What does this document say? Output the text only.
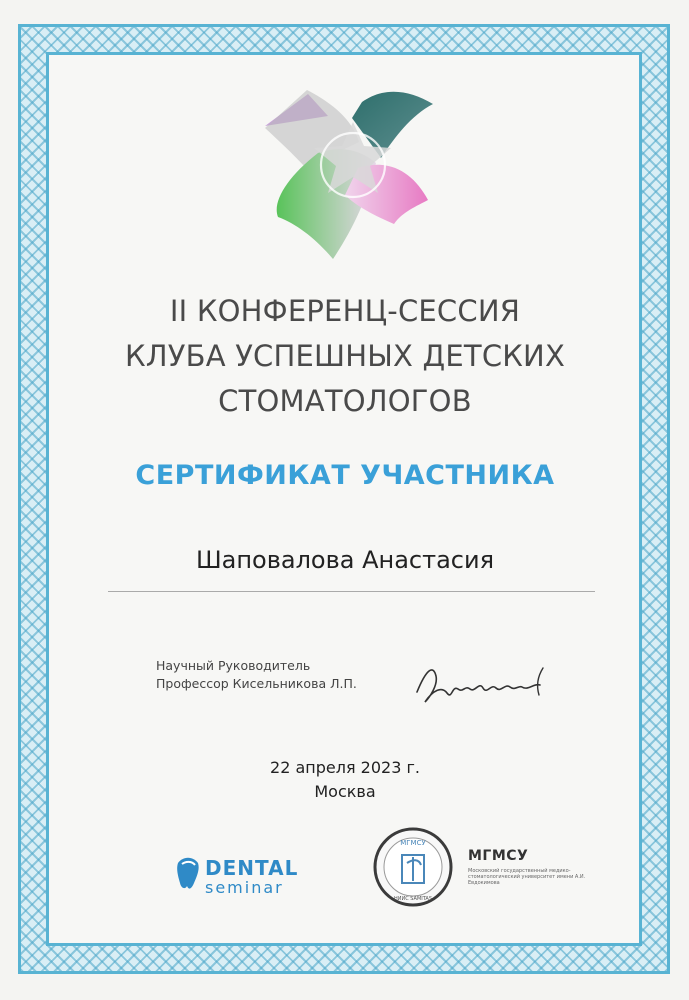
II КОНФЕРЕНЦ-СЕССИЯ
КЛУБА УСПЕШНЫХ ДЕТСКИХ
СТОМАТОЛОГОВ
СЕРТИФИКАТ УЧАСТНИКА
Шаповалова Анастасия
Научный Руководитель
Профессор Кисельникова Л.П.
22 апреля 2023 г.
Москва
DENTAL
seminar
МГМСУ
НИИС SAMITAS
МГМСУ
Московский государственный медико-стоматологический университет имени А.И. Евдокимова
